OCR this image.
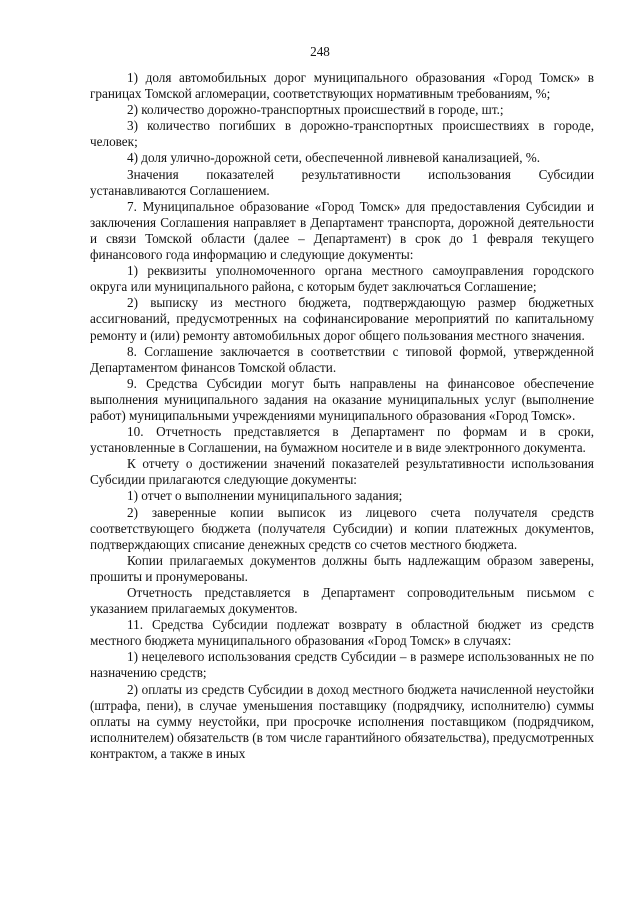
248

1) доля автомобильных дорог муниципального образования «Город Томск» в границах Томской агломерации, соответствующих нормативным требованиям, %;

2) количество дорожно-транспортных происшествий в городе, шт.;

3) количество погибших в дорожно-транспортных происшествиях в городе, человек;

4) доля улично-дорожной сети, обеспеченной ливневой канализацией, %.

Значения показателей результативности использования Субсидии устанавливаются Соглашением.

7. Муниципальное образование «Город Томск» для предоставления Субсидии и заключения Соглашения направляет в Департамент транспорта, дорожной деятельности и связи Томской области (далее – Департамент) в срок до 1 февраля текущего финансового года информацию и следующие документы:

1) реквизиты уполномоченного органа местного самоуправления городского округа или муниципального района, с которым будет заключаться Соглашение;

2) выписку из местного бюджета, подтверждающую размер бюджетных ассигнований, предусмотренных на софинансирование мероприятий по капитальному ремонту и (или) ремонту автомобильных дорог общего пользования местного значения.

8. Соглашение заключается в соответствии с типовой формой, утвержденной Департаментом финансов Томской области.

9. Средства Субсидии могут быть направлены на финансовое обеспечение выполнения муниципального задания на оказание муниципальных услуг (выполнение работ) муниципальными учреждениями муниципального образования «Город Томск».

10. Отчетность представляется в Департамент по формам и в сроки, установленные в Соглашении, на бумажном носителе и в виде электронного документа.

К отчету о достижении значений показателей результативности использования Субсидии прилагаются следующие документы:

1) отчет о выполнении муниципального задания;

2) заверенные копии выписок из лицевого счета получателя средств соответствующего бюджета (получателя Субсидии) и копии платежных документов, подтверждающих списание денежных средств со счетов местного бюджета.

Копии прилагаемых документов должны быть надлежащим образом заверены, прошиты и пронумерованы.

Отчетность представляется в Департамент сопроводительным письмом с указанием прилагаемых документов.

11. Средства Субсидии подлежат возврату в областной бюджет из средств местного бюджета муниципального образования «Город Томск» в случаях:

1) нецелевого использования средств Субсидии – в размере использованных не по назначению средств;

2) оплаты из средств Субсидии в доход местного бюджета начисленной неустойки (штрафа, пени), в случае уменьшения поставщику (подрядчику, исполнителю) суммы оплаты на сумму неустойки, при просрочке исполнения поставщиком (подрядчиком, исполнителем) обязательств (в том числе гарантийного обязательства), предусмотренных контрактом, а также в иных
